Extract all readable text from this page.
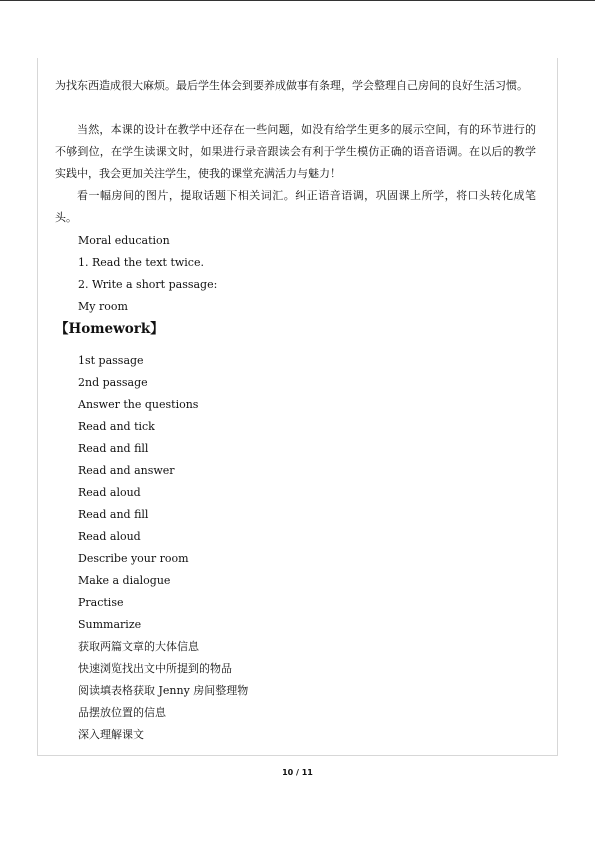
为找东西造成很大麻烦。最后学生体会到要养成做事有条理，学会整理自己房间的良好生活习惯。

当然，本课的设计在教学中还存在一些问题，如没有给学生更多的展示空间，有的环节进行的不够到位，在学生读课文时，如果进行录音跟读会有利于学生模仿正确的语音语调。在以后的教学实践中，我会更加关注学生，使我的课堂充满活力与魅力！

看一幅房间的图片，提取话题下相关词汇。纠正语音语调，巩固课上所学，将口头转化成笔头。

Moral education

1. Read the text twice.

2. Write a short passage:

My room

【Homework】

1st passage
2nd passage
Answer the questions
Read and tick
Read and fill
Read and answer
Read aloud
Read and fill
Read aloud
Describe your room
Make a dialogue
Practise
Summarize
获取两篇文章的大体信息
快速浏览找出文中所提到的物品
阅读填表格获取 Jenny 房间整理物
品摆放位置的信息
深入理解课文
10 / 11
